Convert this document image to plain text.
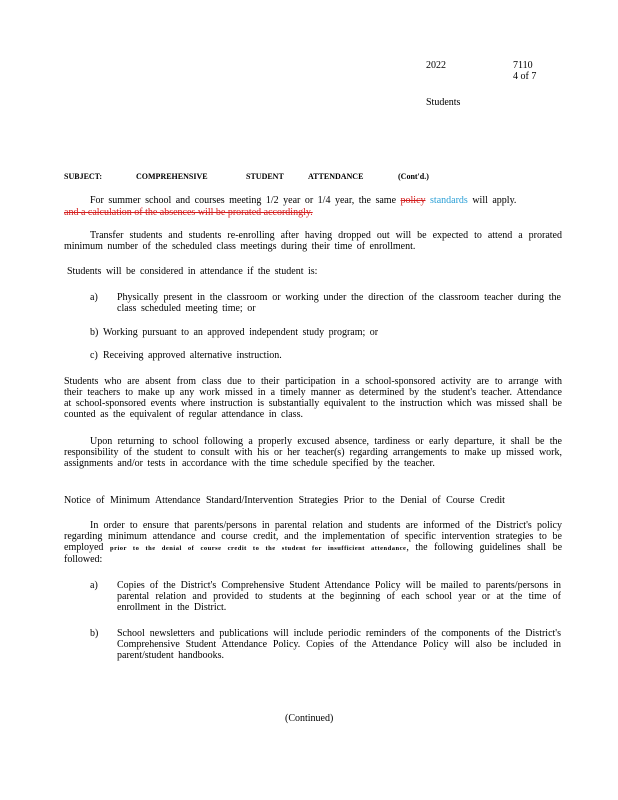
2022	7110
4 of 7
Students
SUBJECT:	COMPREHENSIVE	STUDENT	ATTENDANCE	(Cont'd.)
For summer school and courses meeting 1/2 year or 1/4 year, the same policy standards will apply.
and a calculation of the absences will be prorated accordingly.
Transfer students and students re-enrolling after having dropped out will be expected to attend a prorated minimum number of the scheduled class meetings during their time of enrollment.
Students will be considered in attendance if the student is:
a) Physically present in the classroom or working under the direction of the classroom teacher during the class scheduled meeting time; or
b) Working pursuant to an approved independent study program; or
c) Receiving approved alternative instruction.
Students who are absent from class due to their participation in a school-sponsored activity are to arrange with their teachers to make up any work missed in a timely manner as determined by the student's teacher. Attendance at school-sponsored events where instruction is substantially equivalent to the instruction which was missed shall be counted as the equivalent of regular attendance in class.
Upon returning to school following a properly excused absence, tardiness or early departure, it shall be the responsibility of the student to consult with his or her teacher(s) regarding arrangements to make up missed work, assignments and/or tests in accordance with the time schedule specified by the teacher.
Notice of Minimum Attendance Standard/Intervention Strategies Prior to the Denial of Course Credit
In order to ensure that parents/persons in parental relation and students are informed of the District's policy regarding minimum attendance and course credit, and the implementation of specific intervention strategies to be employed prior to the denial of course credit to the student for insufficient attendance, the following guidelines shall be followed:
a) Copies of the District's Comprehensive Student Attendance Policy will be mailed to parents/persons in parental relation and provided to students at the beginning of each school year or at the time of enrollment in the District.
b) School newsletters and publications will include periodic reminders of the components of the District's Comprehensive Student Attendance Policy. Copies of the Attendance Policy will also be included in parent/student handbooks.
(Continued)
